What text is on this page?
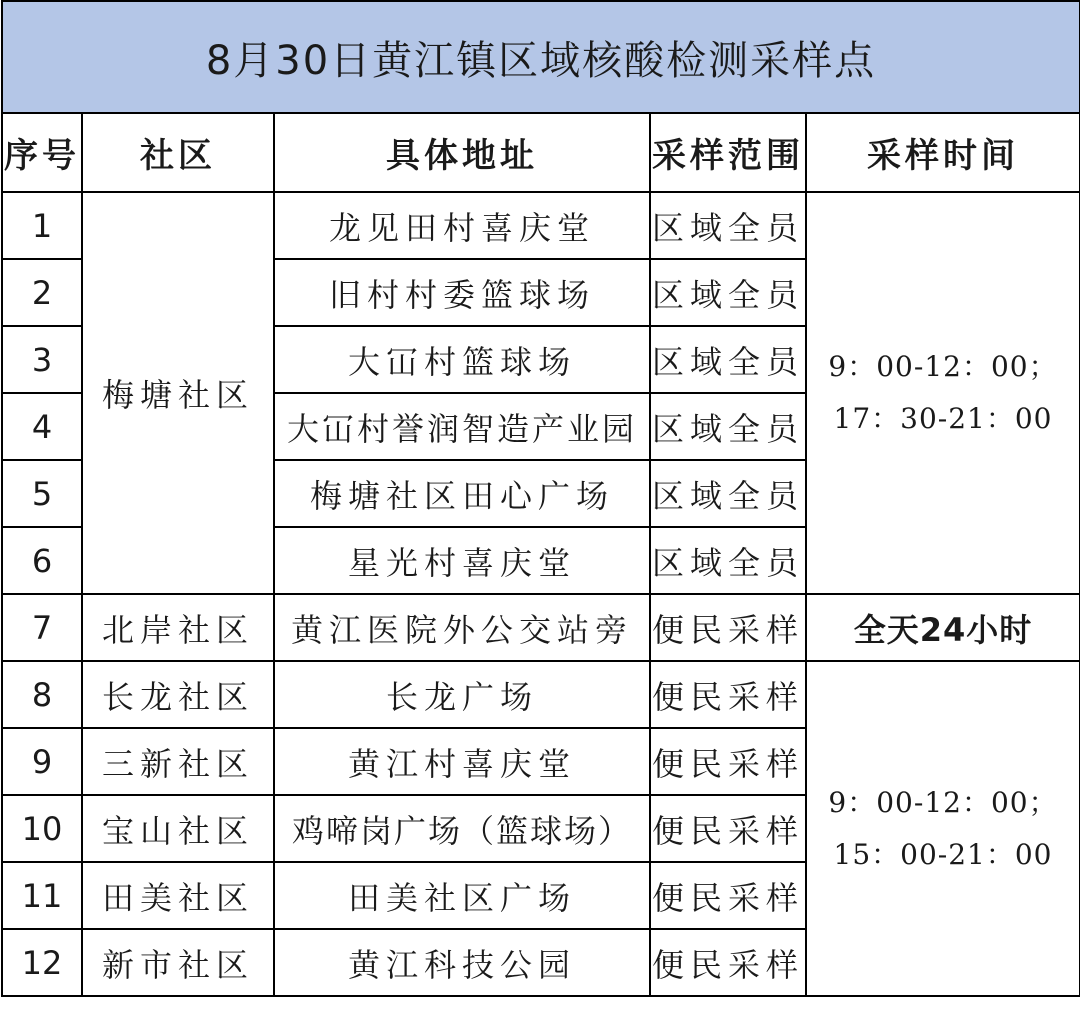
8月30日黄江镇区域核酸检测采样点				
序号	社区	具体地址	采样范围	采样时间
1	梅塘社区	龙见田村喜庆堂	区域全员	9：00-12：00；
17：30-21：00

2		旧村村委篮球场	区域全员	
3		大冚村篮球场	区域全员	
4		大冚村誉润智造产业园	区域全员	
5		梅塘社区田心广场	区域全员	
6		星光村喜庆堂	区域全员	
7	北岸社区	黄江医院外公交站旁	便民采样	全天24小时
8	长龙社区	长龙广场	便民采样	9：00-12：00；
15：00-21：00

9	三新社区	黄江村喜庆堂	便民采样	
10	宝山社区	鸡啼岗广场（篮球场）	便民采样	
11	田美社区	田美社区广场	便民采样	
12	新市社区	黄江科技公园	便民采样	
